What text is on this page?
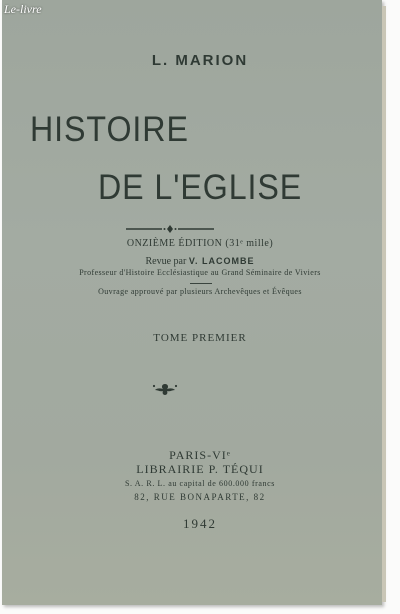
Le-livre
L. MARION
HISTOIRE
DE L'EGLISE
ONZIÈME ÉDITION (31ᵉ mille)
Revue par V. LACOMBE
Professeur d'Histoire Ecclésiastique au Grand Séminaire de Viviers
Ouvrage approuvé par plusieurs Archevêques et Évêques
TOME PREMIER
PARIS-VIᵉ
LIBRAIRIE P. TÉQUI
S. A. R. L. au capital de 600.000 francs
82, RUE BONAPARTE, 82
1942
